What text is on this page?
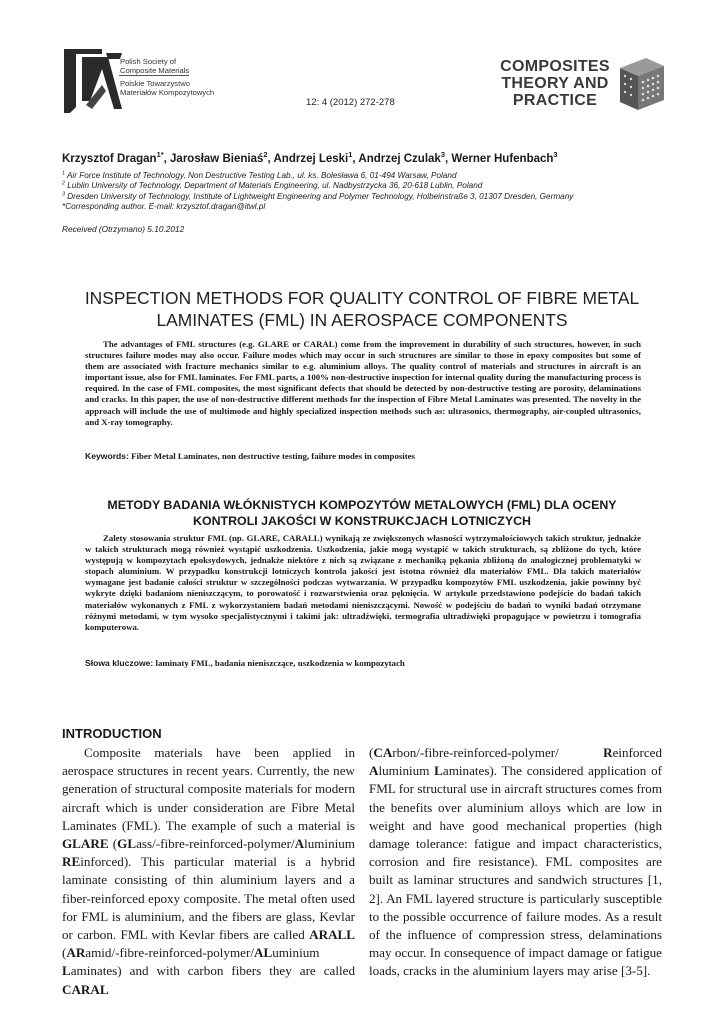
Polish Society of
Composite Materials
Polskie Towarzystwo
Materiałów Kompozytowych
12: 4 (2012) 272-278
COMPOSITES
THEORY AND
PRACTICE
Krzysztof Dragan$^{1*}$, Jarosław Bieniaś$^2$, Andrzej Leski$^1$, Andrzej Czulak$^3$, Werner Hufenbach$^3$
$^1$ Air Force Institute of Technology, Non Destructive Testing Lab., ul. ks. Bolesława 6, 01-494 Warsaw, Poland
$^2$ Lublin University of Technology, Department of Materials Engineering, ul. Nadbystrzycka 36, 20-618 Lublin, Poland
$^3$ Dresden University of Technology, Institute of Lightweight Engineering and Polymer Technology, Holbeinstraße 3, 01307 Dresden, Germany
*Corresponding author. E-mail: krzysztof.dragan@itwl.pl
Received (Otrzymano) 5.10.2012
INSPECTION METHODS FOR QUALITY CONTROL OF FIBRE METAL LAMINATES (FML) IN AEROSPACE COMPONENTS
The advantages of FML structures (e.g. GLARE or CARAL) come from the improvement in durability of such structures, however, in such structures failure modes may also occur. Failure modes which may occur in such structures are similar to those in epoxy composites but some of them are associated with fracture mechanics similar to e.g. aluminium alloys. The quality control of materials and structures in aircraft is an important issue, also for FML laminates. For FML parts, a 100% non-destructive inspection for internal quality during the manufacturing process is required. In the case of FML composites, the most significant defects that should be detected by non-destructive testing are porosity, delaminations and cracks. In this paper, the use of non-destructive different methods for the inspection of Fibre Metal Laminates was presented. The novelty in the approach will include the use of multimode and highly specialized inspection methods such as: ultrasonics, thermography, air-coupled ultrasonics, and X-ray tomography.
Keywords: Fiber Metal Laminates, non destructive testing, failure modes in composites
METODY BADANIA WŁÓKNISTYCH KOMPOZYTÓW METALOWYCH (FML) DLA OCENY KONTROLI JAKOŚCI W KONSTRUKCJACH LOTNICZYCH
Zalety stosowania struktur FML (np. GLARE, CARALL) wynikają ze zwiększonych własności wytrzymałościowych takich struktur, jednakże w takich strukturach mogą również wystąpić uszkodzenia. Uszkodzenia, jakie mogą wystąpić w takich strukturach, są zbliżone do tych, które występują w kompozytach epoksydowych, jednakże niektóre z nich są związane z mechaniką pękania zbliżoną do analogicznej problematyki w stopach aluminium. W przypadku konstrukcji lotniczych kontrola jakości jest istotna również dla materiałów FML. Dla takich materiałów wymagane jest badanie całości struktur w szczególności podczas wytwarzania. W przypadku kompozytów FML uszkodzenia, jakie powinny być wykryte dzięki badaniom nieniszczącym, to porowatość i rozwarstwienia oraz pęknięcia. W artykule przedstawiono podejście do badań takich materiałów wykonanych z FML z wykorzystaniem badań metodami nieniszczącymi. Nowość w podejściu do badań to wyniki badań otrzymane różnymi metodami, w tym wysoko specjalistycznymi i takimi jak: ultradźwięki, termografia ultradźwięki propagujące w powietrzu i tomografia komputerowa.
Słowa kluczowe: laminaty FML, badania nieniszczące, uszkodzenia w kompozytach
INTRODUCTION
Composite materials have been applied in aerospace structures in recent years. Currently, the new generation of structural composite materials for modern aircraft which is under consideration are Fibre Metal Laminates (FML). The example of such a material is GLARE (GLass/-fibre-reinforced-polymer/Aluminium REinforced). This particular material is a hybrid laminate consisting of thin aluminium layers and a fiber-reinforced epoxy composite. The metal often used for FML is aluminium, and the fibers are glass, Kevlar or carbon. FML with Kevlar fibers are called ARALL (ARamid/-fibre-reinforced-polymer/ALuminium Laminates) and with carbon fibers they are called CARAL
(CArbon/-fibre-reinforced-polymer/ Reinforced Aluminium Laminates). The considered application of FML for structural use in aircraft structures comes from the benefits over aluminium alloys which are low in weight and have good mechanical properties (high damage tolerance: fatigue and impact characteristics, corrosion and fire resistance). FML composites are built as laminar structures and sandwich structures [1, 2]. An FML layered structure is particularly susceptible to the possible occurrence of failure modes. As a result of the influence of compression stress, delaminations may occur. In consequence of impact damage or fatigue loads, cracks in the aluminium layers may arise [3-5].
